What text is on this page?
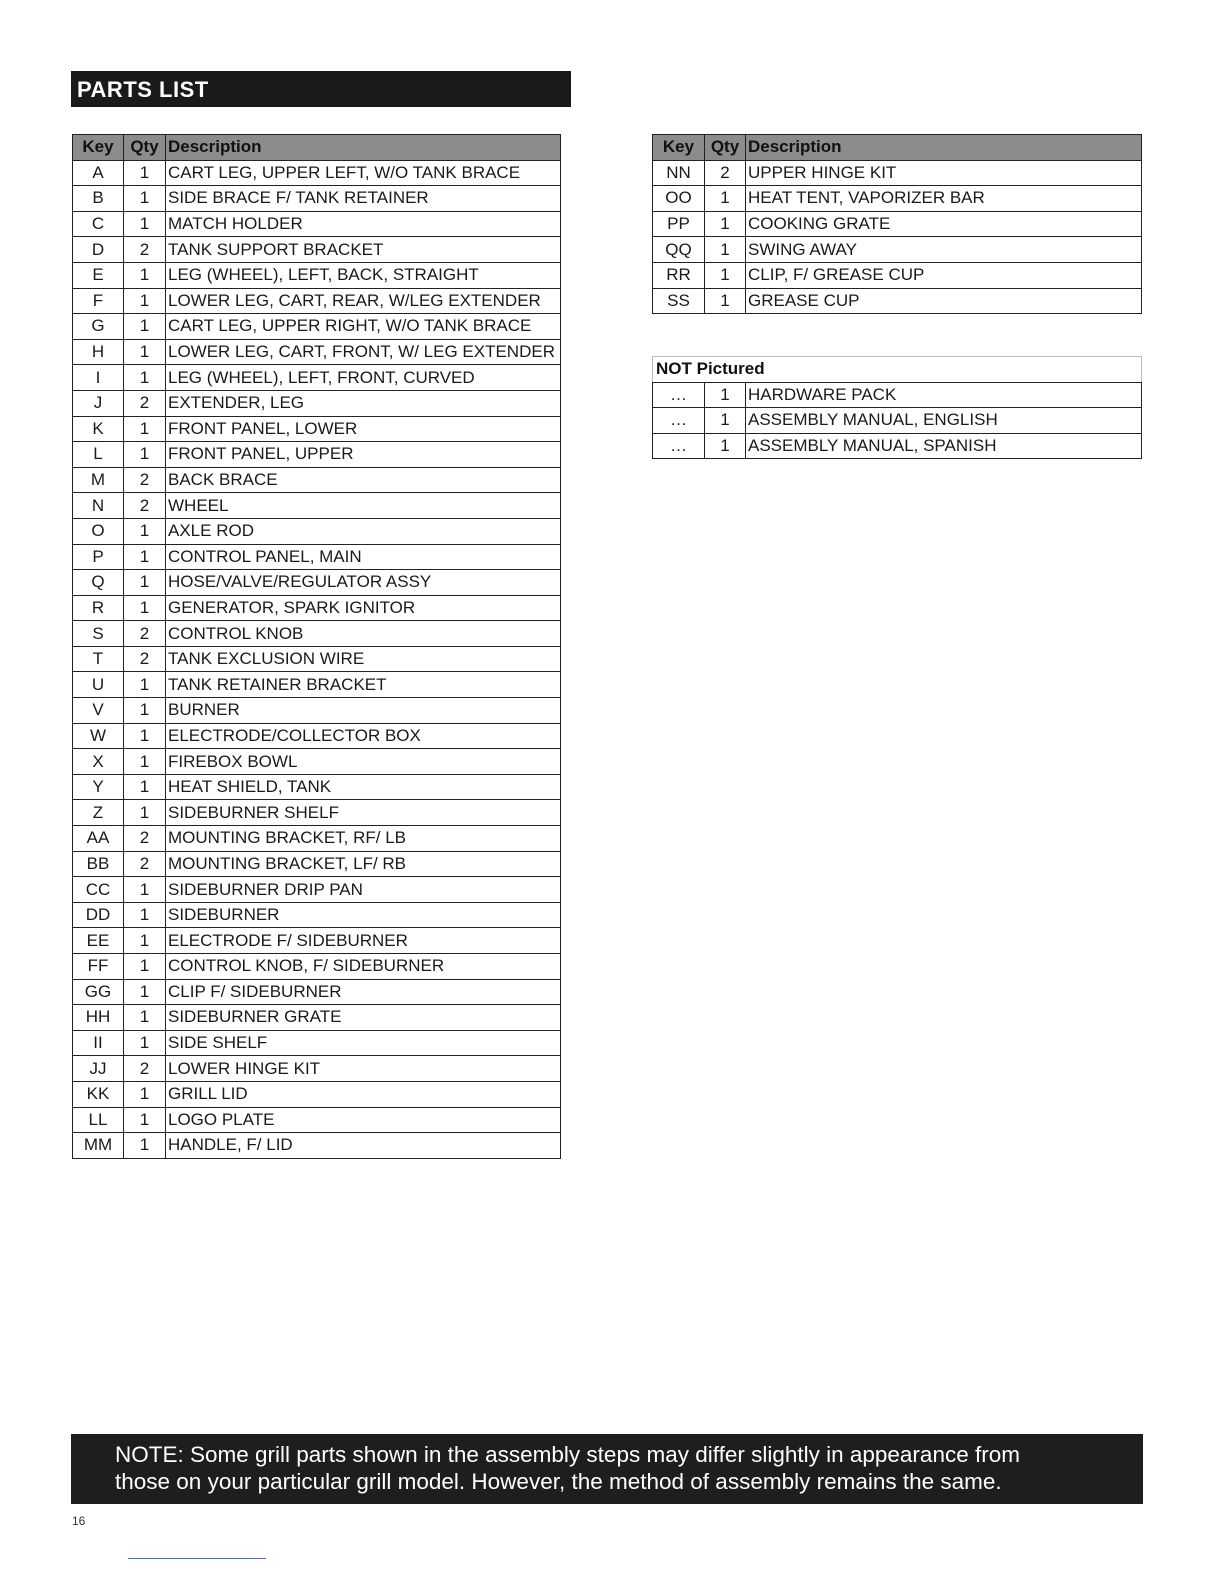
PARTS LIST
Key	Qty	Description
A	1	CART LEG, UPPER LEFT, W/O TANK BRACE
B	1	SIDE BRACE F/ TANK RETAINER
C	1	MATCH HOLDER
D	2	TANK SUPPORT BRACKET
E	1	LEG (WHEEL), LEFT, BACK, STRAIGHT
F	1	LOWER LEG, CART, REAR, W/LEG EXTENDER
G	1	CART LEG, UPPER RIGHT, W/O TANK BRACE
H	1	LOWER LEG, CART, FRONT, W/ LEG EXTENDER
I	1	LEG (WHEEL), LEFT, FRONT, CURVED
J	2	EXTENDER, LEG
K	1	FRONT PANEL, LOWER
L	1	FRONT PANEL, UPPER
M	2	BACK BRACE
N	2	WHEEL
O	1	AXLE ROD
P	1	CONTROL PANEL, MAIN
Q	1	HOSE/VALVE/REGULATOR ASSY
R	1	GENERATOR, SPARK IGNITOR
S	2	CONTROL KNOB
T	2	TANK EXCLUSION WIRE
U	1	TANK RETAINER BRACKET
V	1	BURNER
W	1	ELECTRODE/COLLECTOR BOX
X	1	FIREBOX BOWL
Y	1	HEAT SHIELD, TANK
Z	1	SIDEBURNER SHELF
AA	2	MOUNTING BRACKET, RF/ LB
BB	2	MOUNTING BRACKET, LF/ RB
CC	1	SIDEBURNER DRIP PAN
DD	1	SIDEBURNER
EE	1	ELECTRODE F/ SIDEBURNER
FF	1	CONTROL KNOB, F/ SIDEBURNER
GG	1	CLIP F/ SIDEBURNER
HH	1	SIDEBURNER GRATE
II	1	SIDE SHELF
JJ	2	LOWER HINGE KIT
KK	1	GRILL LID
LL	1	LOGO PLATE
MM	1	HANDLE, F/ LID
Key	Qty	Description
NN	2	UPPER HINGE KIT
OO	1	HEAT TENT, VAPORIZER BAR
PP	1	COOKING GRATE
QQ	1	SWING AWAY
RR	1	CLIP, F/ GREASE CUP
SS	1	GREASE CUP
NOT Pictured		
…	1	HARDWARE PACK
…	1	ASSEMBLY MANUAL, ENGLISH
…	1	ASSEMBLY MANUAL, SPANISH
NOTE: Some grill parts shown in the assembly steps may differ slightly in appearance from
those on your particular grill model. However, the method of assembly remains the same.
16
